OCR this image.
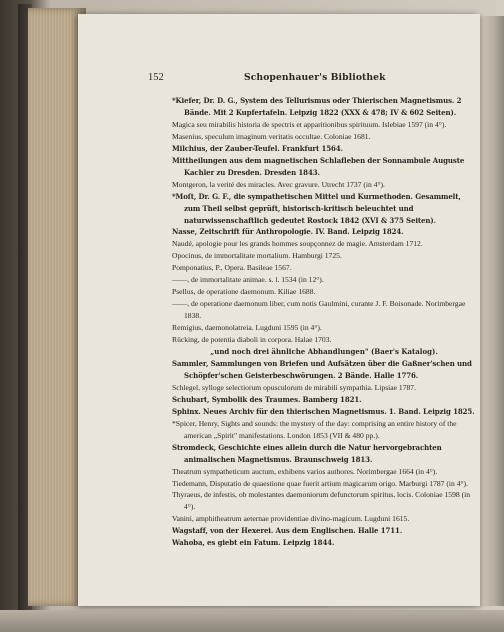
152	Schopenhauer's Bibliothek

*Kiefer, Dr. D. G., System des Tellurismus oder Thierischen Magnetismus. 2 Bände. Mit 2 Kupfertafeln. Leipzig 1822 (XXX & 478; IV & 602 Seiten).

Magica seu mirabilis historia de spectris et apparitionibus spirituum. Islebiae 1597 (in 4°).

Masenius, speculum imaginum veritatis occultae. Coloniae 1681.

Milchius, der Zauber-Teufel. Frankfurt 1564.

Mittheilungen aus dem magnetischen Schlafleben der Sonnambule Auguste Kachler zu Dresden. Dresden 1843.

Montgeron, la verité des miracles. Avec gravure. Utrecht 1737 (in 4°).

*Moſt, Dr. G. F., die sympathetischen Mittel und Kurmethoden. Gesammelt, zum Theil selbst geprüft, historisch-kritisch beleuchtet und naturwissenschaftlich gedeutet Rostock 1842 (XVI & 375 Seiten).

Nasse, Zeitschrift für Anthropologie. IV. Band. Leipzig 1824.

Naudé, apologie pour les grands hommes soupçonnez de magie. Amsterdam 1712.

Opocinus, de immortalitate mortalium. Hamburgi 1725.

Pomponatius, P., Opera. Basileae 1567.

——, de immortalitate animae. s. l. 1534 (in 12°).

Psellus, de operatione daemonum. Kiliae 1688.

——, de operatione daemonum liber, cum notis Gaulmini, curante J. F. Boisonade. Norimbergae 1838.

Remigius, daemonolatreia. Lugduni 1595 (in 4°).

Rücking, de potentia diaboli in corpora. Halae 1703.

„und noch drei ähnliche Abhandlungen" (Baer's Katalog).

Sammler, Sammlungen von Briefen und Aufsätzen über die Gaßner'schen und Schöpfer'schen Geisterbeschwörungen. 2 Bände. Halle 1776.

Schlegel, sylloge selectiorum opusculorum de mirabili sympathia. Lipsiae 1787.

Schubart, Symbolik des Traumes. Bamberg 1821.

Sphinx. Neues Archiv für den thierischen Magnetismus. 1. Band. Leipzig 1825.

*Spicer, Henry, Sights and sounds: the mystery of the day: comprising an entire history of the american „Spirit" manifestations. London 1853 (VII & 480 pp.).

Stromdeck, Geschichte eines allein durch die Natur hervorgebrachten animalischen Magnetismus. Braunschweig 1813.

Theatrum sympatheticum auctum, exhibens varios authores. Norimbergae 1664 (in 4°).

Tiedemann, Disputatio de quaestione quae fuerit artium magicarum origo. Marburgi 1787 (in 4°).

Thyraeus, de infestis, ob molestantes daemoniorum defunctorum spiritus, locis. Coloniae 1598 (in 4°).

Vanini, amphitheatrum aeternae providentiae divino-magicum. Lugduni 1615.

Wagstaff, von der Hexerei. Aus dem Englischen. Halle 1711.

Wahoba, es giebt ein Fatum. Leipzig 1844.
